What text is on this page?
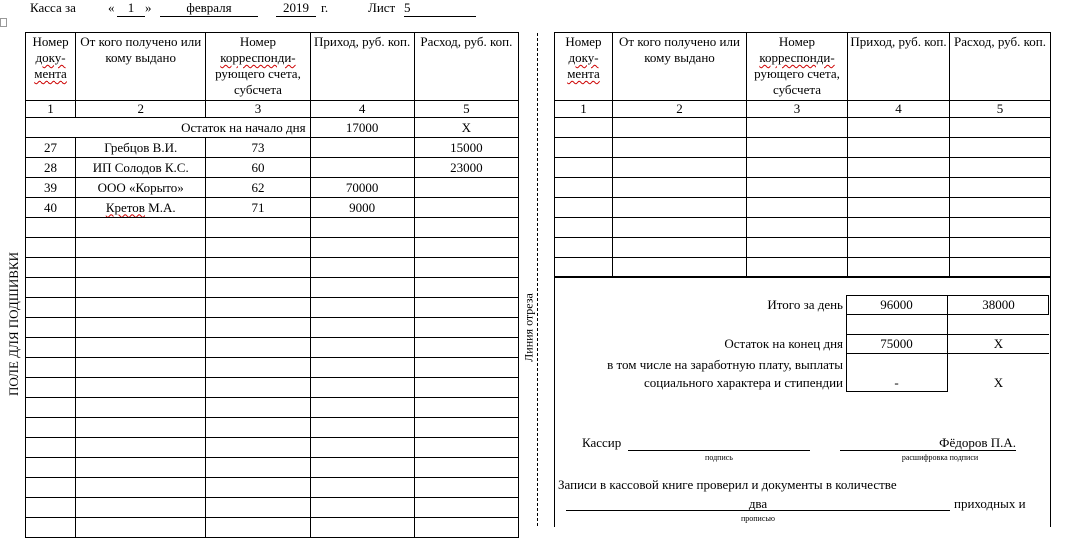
Касса за «	1 »	февраля	2019 г.	Лист 5
ПОЛЕ ДЛЯ ПОДШИВКИ	Линия отреза
Номер
доку-
мента	От кого получено или кому выдано	Номер
корреспонди-
рующего счета, субсчета	Приход, руб. коп.	Расход, руб. коп.
1	2	3	4	5
Остаток на начало дня			17000	Х
27	Гребцов В.И.	73		15000
28	ИП Солодов К.С.	60		23000
39	ООО «Корыто»	62	70000	
40	Кретов М.А.	71	9000	

Номер
доку-
мента	От кого получено или кому выдано	Номер
корреспонди-
рующего счета, субсчета	Приход, руб. коп.	Расход, руб. коп.
1	2	3	4	5

Итого за день	96000	38000
Остаток на конец дня	75000	Х
в том числе на заработную плату, выплаты
социального характера и стипендии	-	Х
Кассир
подпись
Фёдоров П.А.
расшифровка подписи
Записи в кассовой книге проверил и документы в количестве
два
прописью
приходных и
